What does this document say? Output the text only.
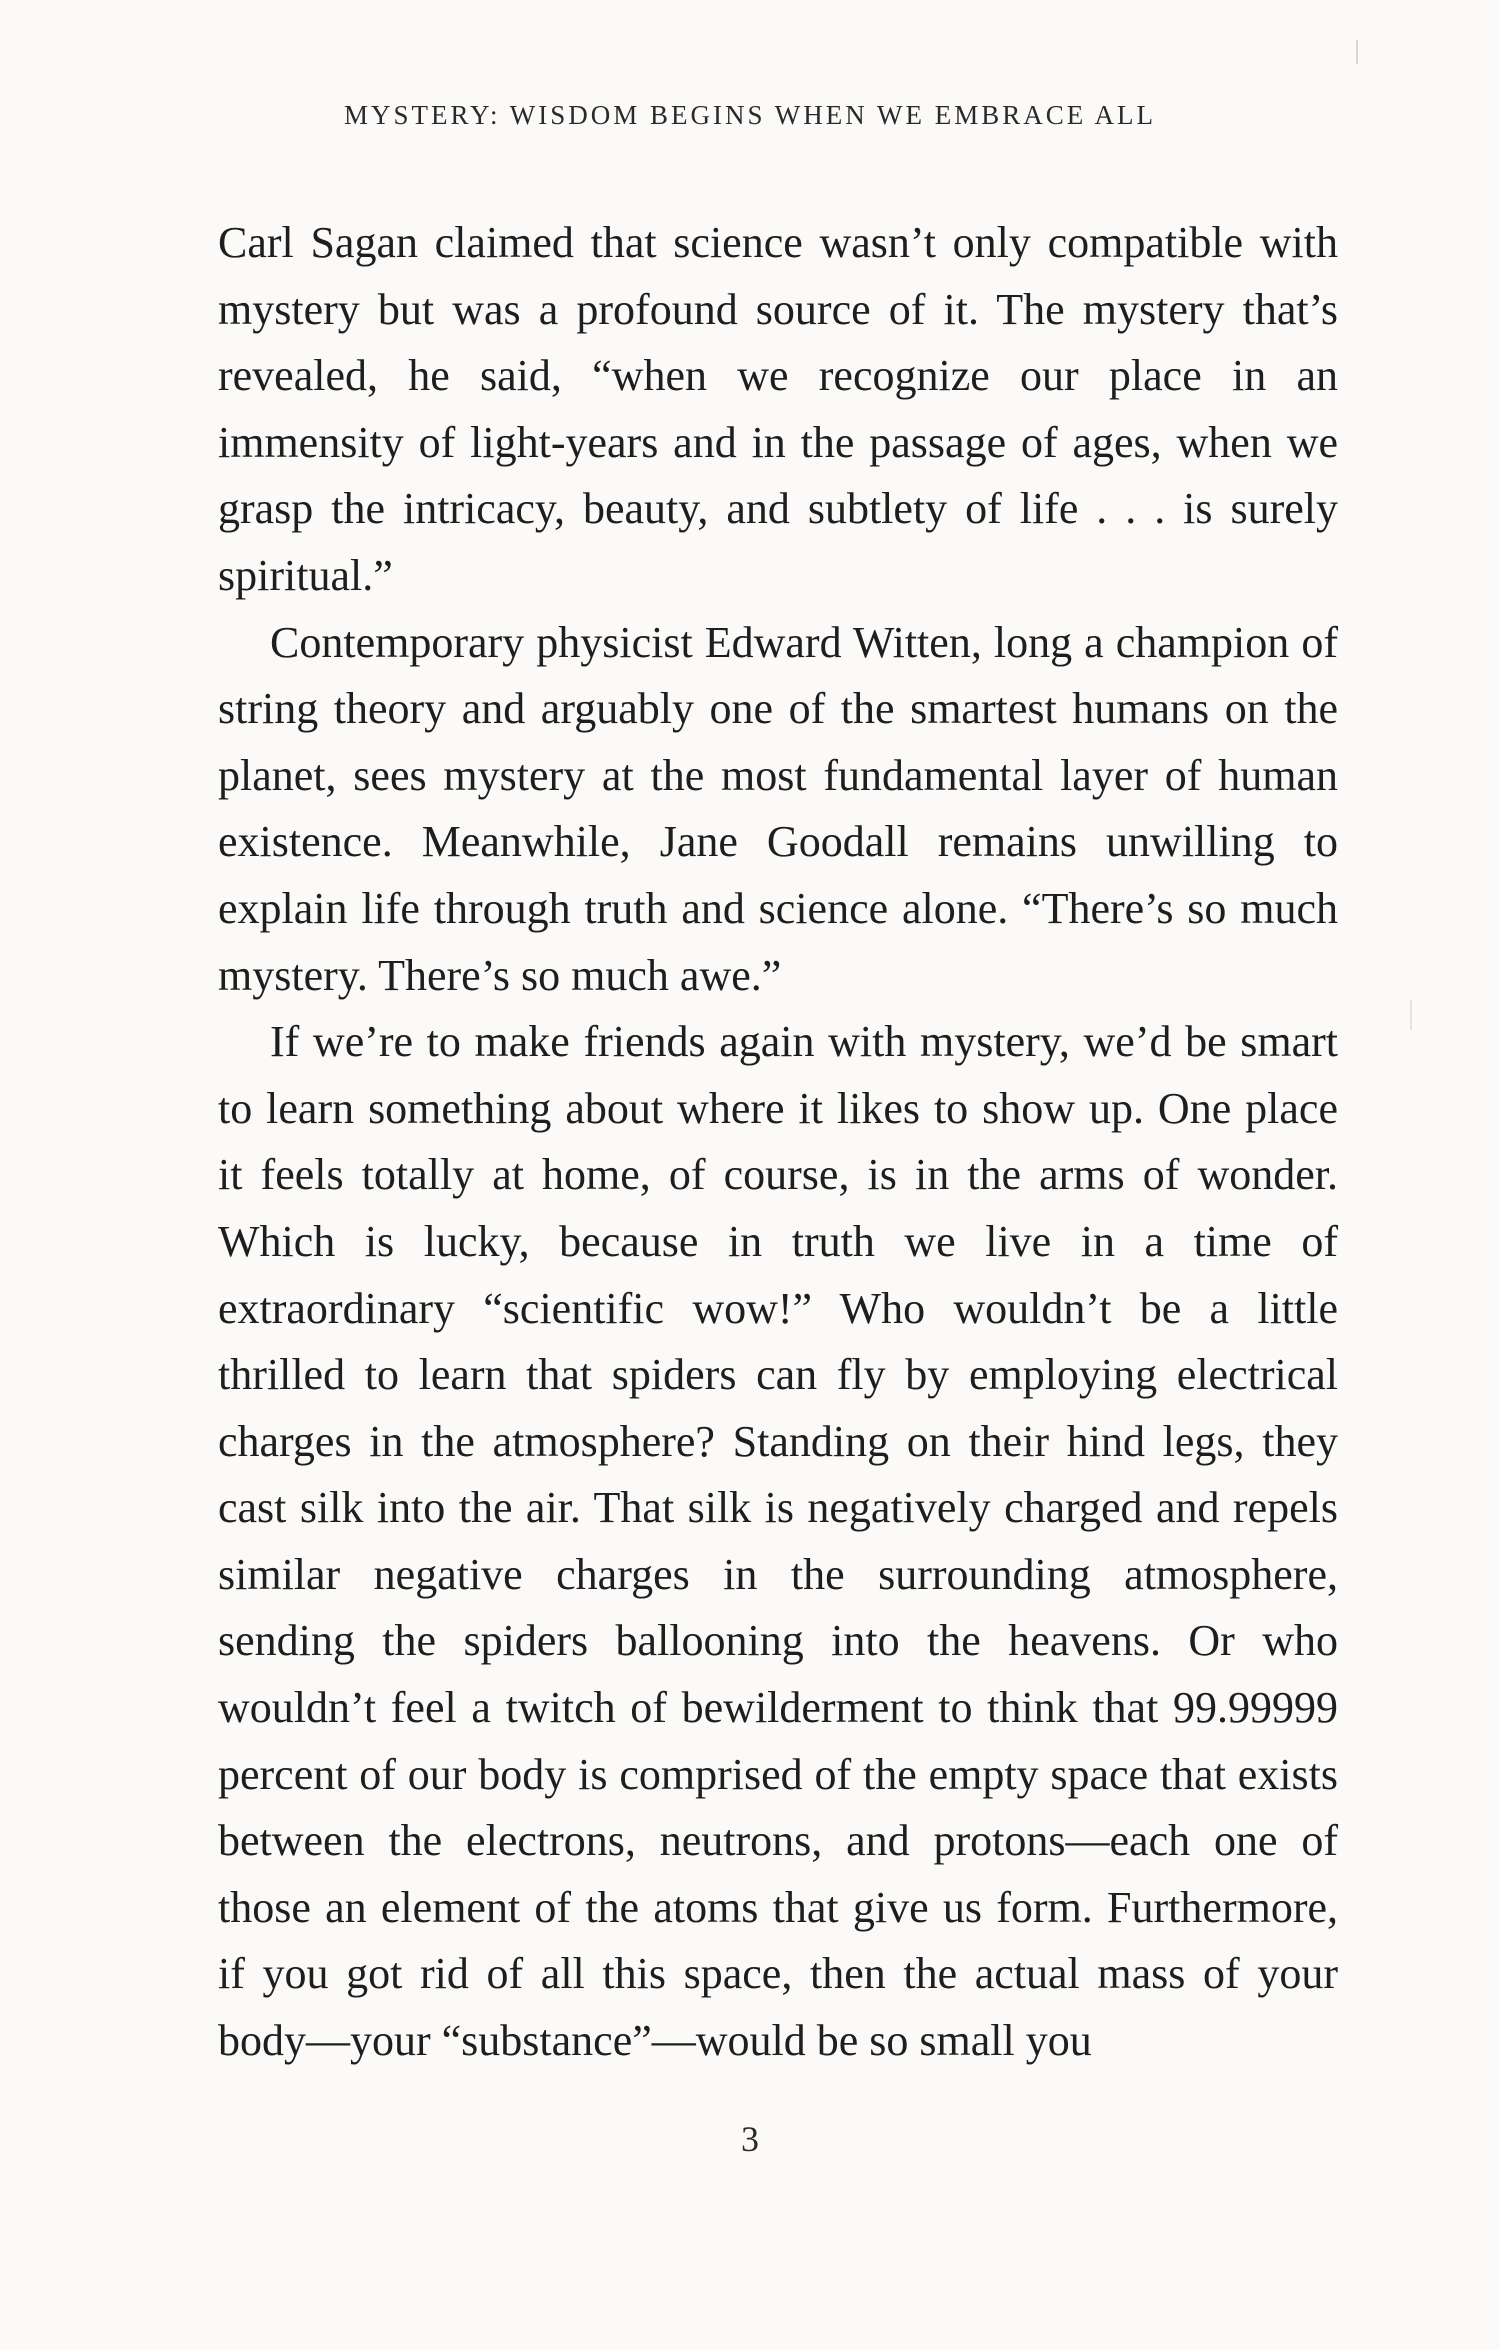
MYSTERY: WISDOM BEGINS WHEN WE EMBRACE ALL

Carl Sagan claimed that science wasn’t only compatible with mystery but was a profound source of it. The mystery that’s revealed, he said, “when we recognize our place in an immensity of light-years and in the passage of ages, when we grasp the intricacy, beauty, and subtlety of life . . . is surely spiritual.”

Contemporary physicist Edward Witten, long a champion of string theory and arguably one of the smartest humans on the planet, sees mystery at the most fundamental layer of human existence. Meanwhile, Jane Goodall remains unwilling to explain life through truth and science alone. “There’s so much mystery. There’s so much awe.”

If we’re to make friends again with mystery, we’d be smart to learn something about where it likes to show up. One place it feels totally at home, of course, is in the arms of wonder. Which is lucky, because in truth we live in a time of extraordinary “scientific wow!” Who wouldn’t be a little thrilled to learn that spiders can fly by employing electrical charges in the atmosphere? Standing on their hind legs, they cast silk into the air. That silk is negatively charged and repels similar negative charges in the surrounding atmosphere, sending the spiders ballooning into the heavens. Or who wouldn’t feel a twitch of bewilderment to think that 99.99999 percent of our body is comprised of the empty space that exists between the electrons, neutrons, and protons—each one of those an element of the atoms that give us form. Furthermore, if you got rid of all this space, then the actual mass of your body—your “substance”—would be so small you

3
